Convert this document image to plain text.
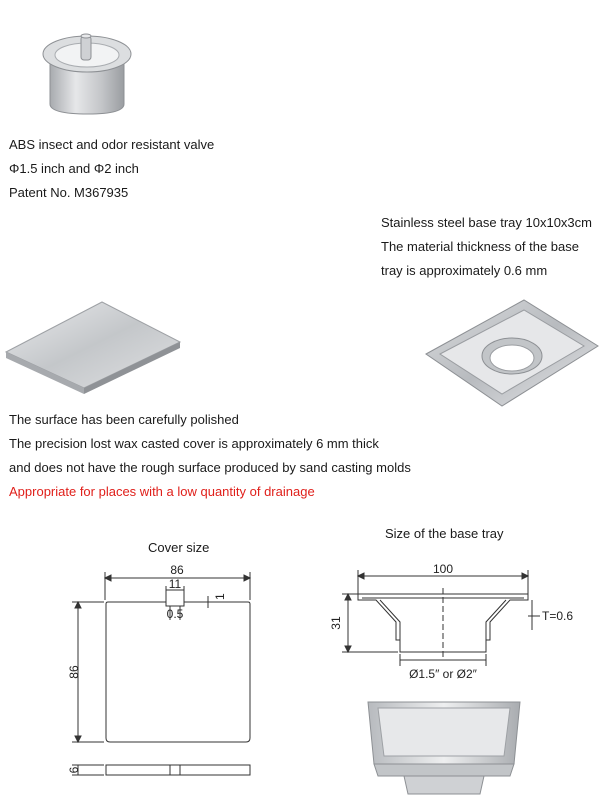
ABS insect and odor resistant valve
Φ1.5 inch and Φ2 inch
Patent No. M367935
Stainless steel base tray 10x10x3cm
The material thickness of the base
tray is approximately 0.6 mm
The surface has been carefully polished
The precision lost wax casted cover is approximately 6 mm thick
and does not have the rough surface produced by sand casting molds
Appropriate for places with a low quantity of drainage
Cover size
86
11
1
0.5
86
6
Size of the base tray
100
31	T=0.6
Ø1.5″ or Ø2″
